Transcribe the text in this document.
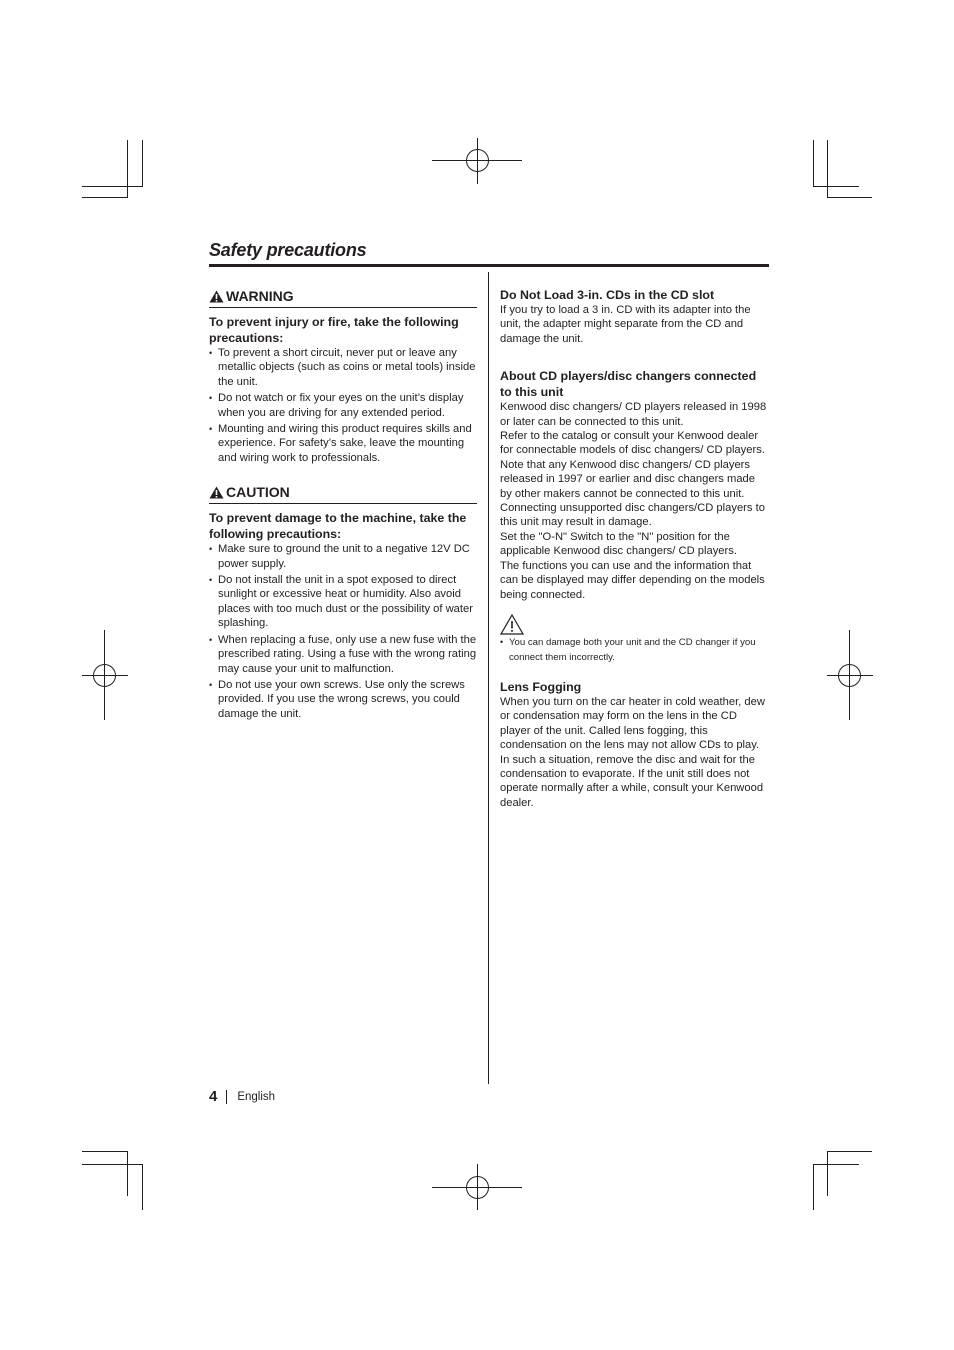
Safety precautions
WARNING

To prevent injury or fire, take the following precautions:

• To prevent a short circuit, never put or leave any metallic objects (such as coins or metal tools) inside the unit.
• Do not watch or fix your eyes on the unit’s display when you are driving for any extended period.
• Mounting and wiring this product requires skills and experience. For safety’s sake, leave the mounting and wiring work to professionals.
CAUTION

To prevent damage to the machine, take the following precautions:

• Make sure to ground the unit to a negative 12V DC power supply.
• Do not install the unit in a spot exposed to direct sunlight or excessive heat or humidity. Also avoid places with too much dust or the possibility of water splashing.
• When replacing a fuse, only use a new fuse with the prescribed rating. Using a fuse with the wrong rating may cause your unit to malfunction.
• Do not use your own screws. Use only the screws provided. If you use the wrong screws, you could damage the unit.

Do Not Load 3-in. CDs in the CD slot

If you try to load a 3 in. CD with its adapter into the unit, the adapter might separate from the CD and damage the unit.

About CD players/disc changers connected to this unit

Kenwood disc changers/ CD players released in 1998 or later can be connected to this unit.

Refer to the catalog or consult your Kenwood dealer for connectable models of disc changers/ CD players.

Note that any Kenwood disc changers/ CD players released in 1997 or earlier and disc changers made by other makers cannot be connected to this unit.

Connecting unsupported disc changers/CD players to this unit may result in damage.

Set the "O-N" Switch to the "N" position for the applicable Kenwood disc changers/ CD players.

The functions you can use and the information that can be displayed may differ depending on the models being connected.

• You can damage both your unit and the CD changer if you connect them incorrectly.

Lens Fogging

When you turn on the car heater in cold weather, dew or condensation may form on the lens in the CD player of the unit. Called lens fogging, this condensation on the lens may not allow CDs to play. In such a situation, remove the disc and wait for the condensation to evaporate. If the unit still does not operate normally after a while, consult your Kenwood dealer.

4 English
